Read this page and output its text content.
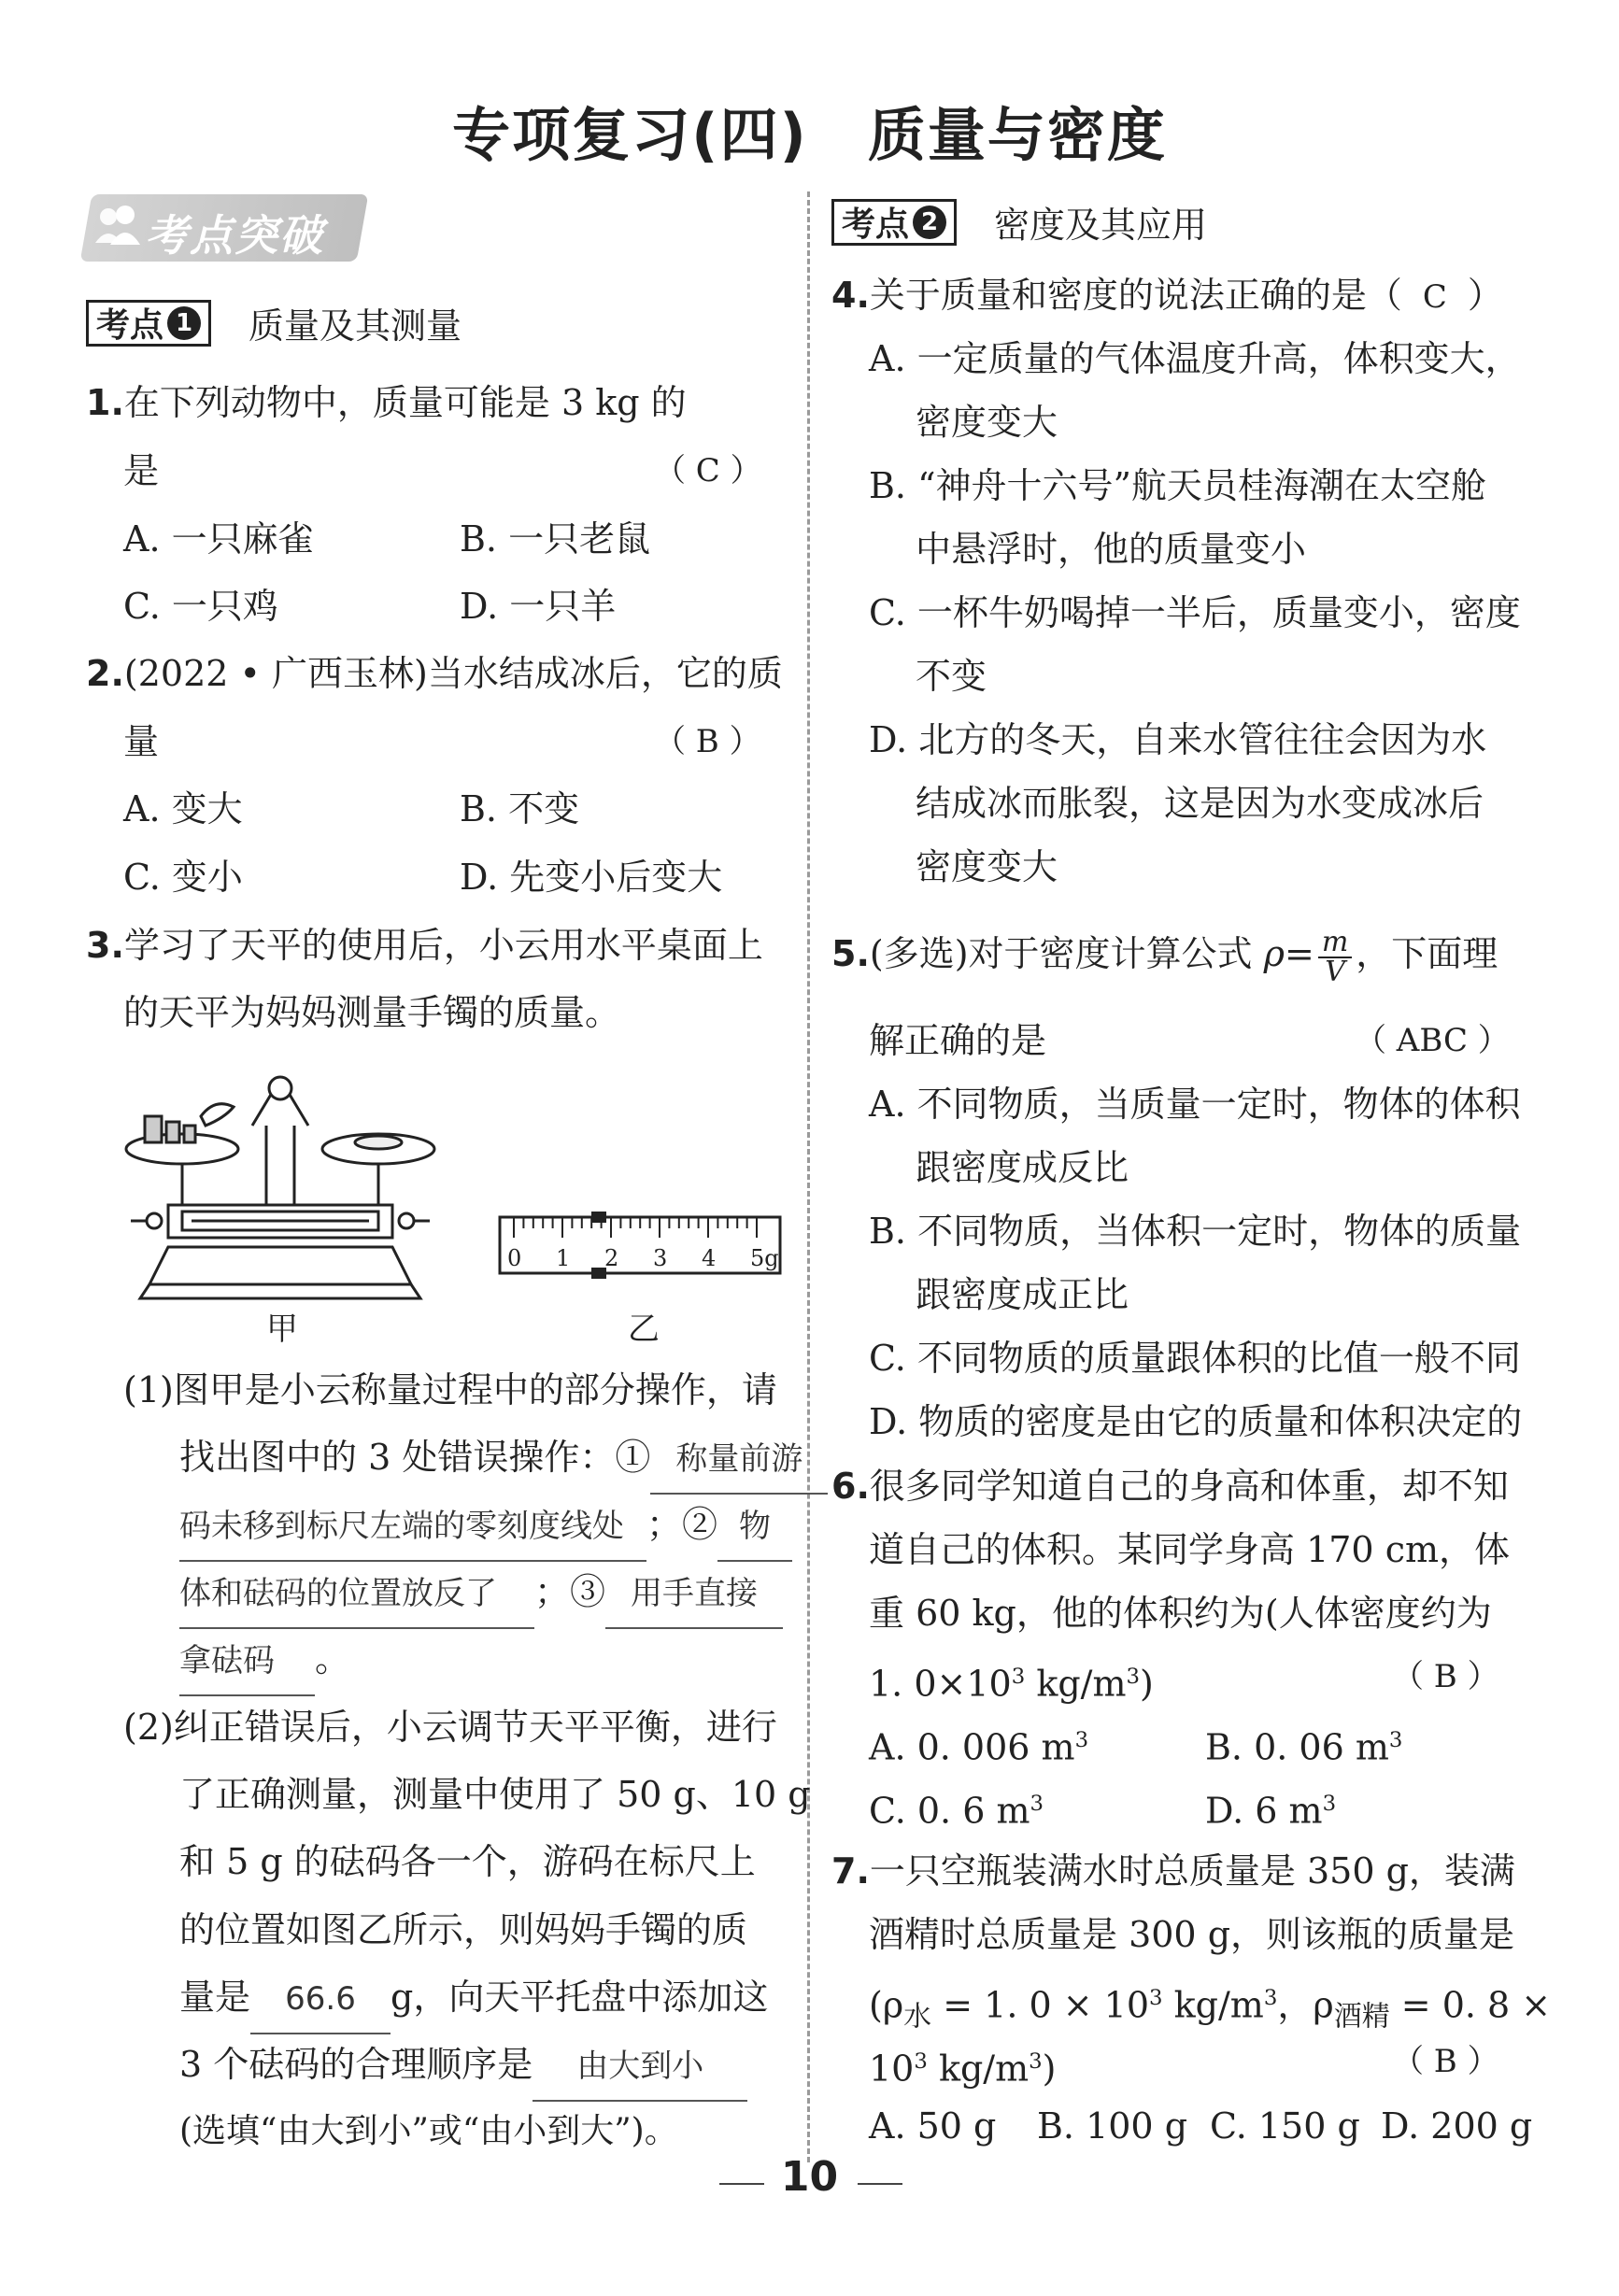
专项复习(四)　质量与密度
考点突破
考点 1 质量及其测量
1.在下列动物中，质量可能是 3 kg 的
是	（ C ）
A. 一只麻雀	B. 一只老鼠
C. 一只鸡	D. 一只羊
2.(2022 • 广西玉林)当水结成冰后，它的质
量	（ B ）
A. 变大	B. 不变
C. 变小	D. 先变小后变大
3.学习了天平的使用后，小云用水平桌面上
的天平为妈妈测量手镯的质量。
甲
0 1 2 3 4 5g
乙
(1)图甲是小云称量过程中的部分操作，请
找出图中的 3 处错误操作：① 称量前游
码未移到标尺左端的零刻度线处 ；② 物
体和砝码的位置放反了 ；③ 用手直接
拿砝码 。
(2)纠正错误后，小云调节天平平衡，进行
了正确测量，测量中使用了 50 g、10 g
和 5 g 的砝码各一个，游码在标尺上
的位置如图乙所示，则妈妈手镯的质
量是 66.6 g，向天平托盘中添加这
3 个砝码的合理顺序是 由大到小
(选填“由大到小”或“由小到大”)。
考点 2 密度及其应用
4.关于质量和密度的说法正确的是（ C ）
A. 一定质量的气体温度升高，体积变大，
密度变大
B. “神舟十六号”航天员桂海潮在太空舱
中悬浮时，他的质量变小
C. 一杯牛奶喝掉一半后，质量变小，密度
不变
D. 北方的冬天，自来水管往往会因为水
结成冰而胀裂，这是因为水变成冰后
密度变大
5.(多选)对于密度计算公式 $\rho= \frac{m}{V}$ ，下面理
解正确的是	（ ABC ）
A. 不同物质，当质量一定时，物体的体积
跟密度成反比
B. 不同物质，当体积一定时，物体的质量
跟密度成正比
C. 不同物质的质量跟体积的比值一般不同
D. 物质的密度是由它的质量和体积决定的
6.很多同学知道自己的身高和体重，却不知
道自己的体积。某同学身高 170 cm，体
重 60 kg，他的体积约为(人体密度约为
1. $0\times 10^3$ $kg/m^3$)	（ B ）
A. 0. 006 $m^3$	B. 0. 06 $m^3$
C. 0. 6 $m^3$	D. 6 $m^3$
7.一只空瓶装满水时总质量是 350 g，装满
酒精时总质量是 300 g，则该瓶的质量是
($\rho_水 = 1$. $0 \times 10^3$ $kg/m^3$，$\rho_{酒精} = 0$. 8 ×
$10^3$ $kg/m^3$)	（ B ）
A. 50 g B. 100 g C. 150 g D. 200 g
10
